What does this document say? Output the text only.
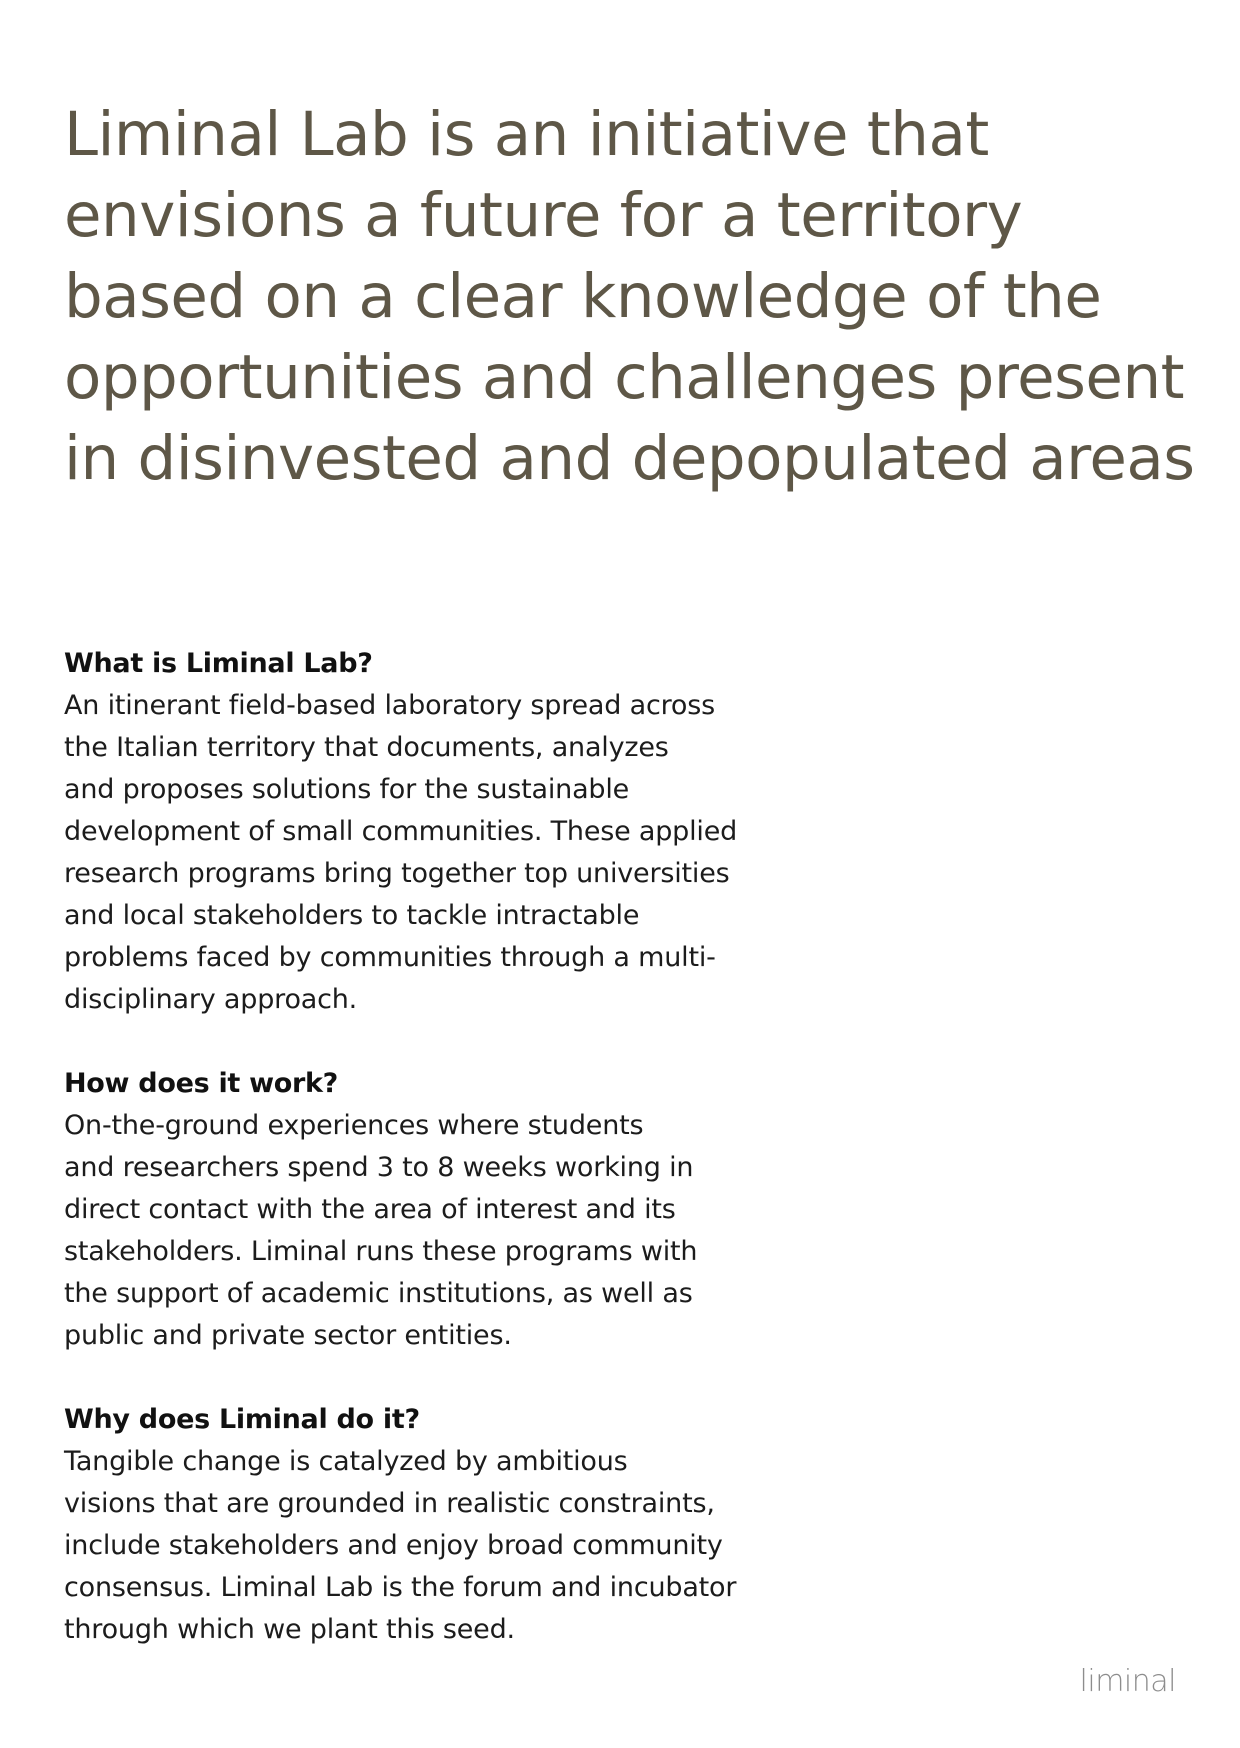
Liminal Lab is an initiative that
envisions a future for a territory
based on a clear knowledge of the
opportunities and challenges present
in disinvested and depopulated areas
What is Liminal Lab?

An itinerant field-based laboratory spread across
the Italian territory that documents, analyzes
and proposes solutions for the sustainable
development of small communities. These applied
research programs bring together top universities
and local stakeholders to tackle intractable
problems faced by communities through a multi-
disciplinary approach.

How does it work?

On-the-ground experiences where students
and researchers spend 3 to 8 weeks working in
direct contact with the area of interest and its
stakeholders. Liminal runs these programs with
the support of academic institutions, as well as
public and private sector entities.

Why does Liminal do it?

Tangible change is catalyzed by ambitious
visions that are grounded in realistic constraints,
include stakeholders and enjoy broad community
consensus. Liminal Lab is the forum and incubator
through which we plant this seed.

liminal
